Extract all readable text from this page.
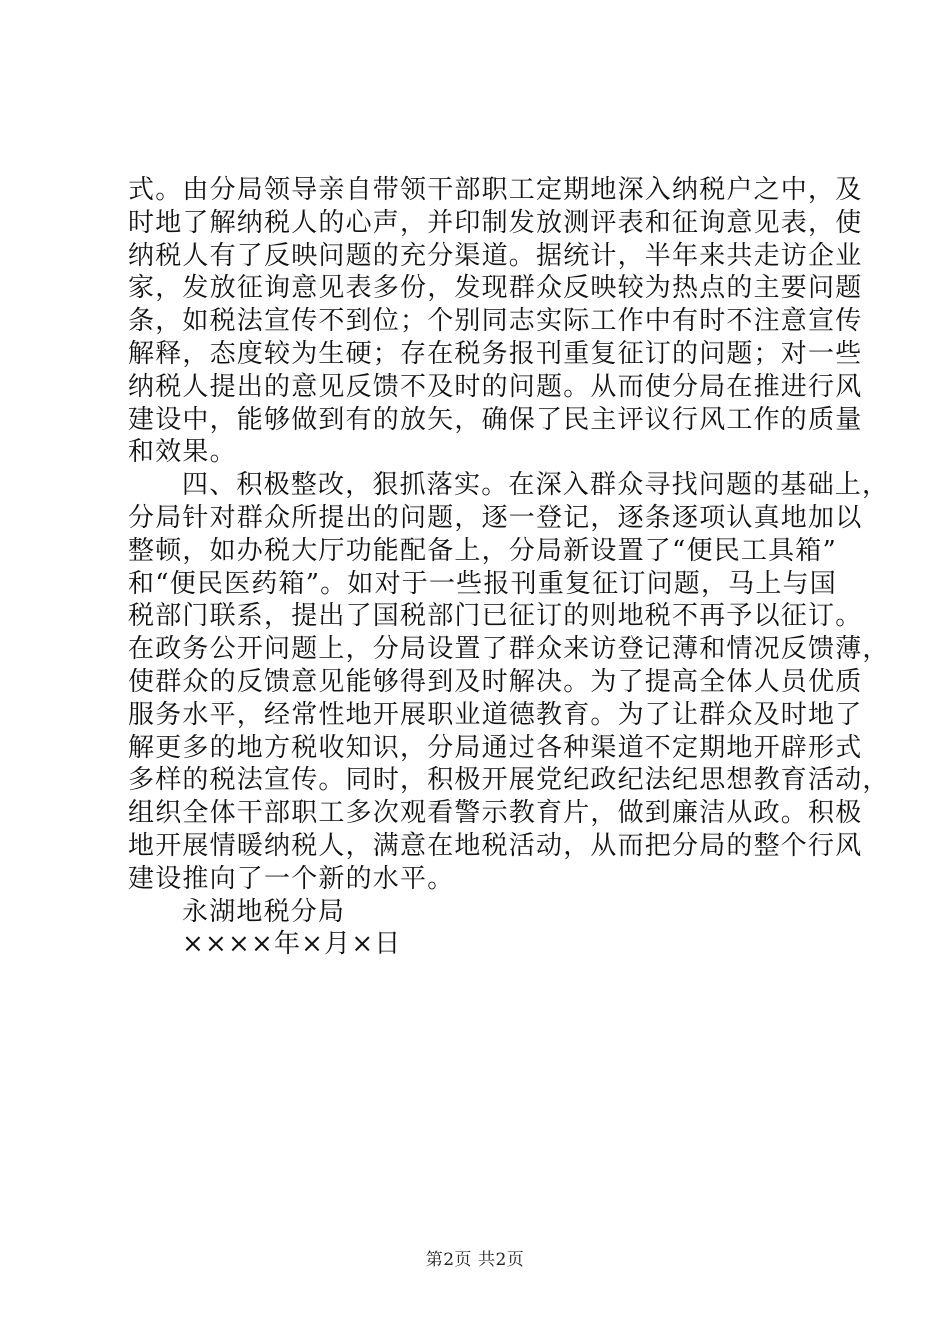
式。由分局领导亲自带领干部职工定期地深入纳税户之中，及
时地了解纳税人的心声，并印制发放测评表和征询意见表，使
纳税人有了反映问题的充分渠道。据统计，半年来共走访企业
家，发放征询意见表多份，发现群众反映较为热点的主要问题
条，如税法宣传不到位；个别同志实际工作中有时不注意宣传
解释，态度较为生硬；存在税务报刊重复征订的问题；对一些
纳税人提出的意见反馈不及时的问题。从而使分局在推进行风
建设中，能够做到有的放矢，确保了民主评议行风工作的质量
和效果。
四、积极整改，狠抓落实。在深入群众寻找问题的基础上，
分局针对群众所提出的问题，逐一登记，逐条逐项认真地加以
整顿，如办税大厅功能配备上，分局新设置了“便民工具箱”
和“便民医药箱”。如对于一些报刊重复征订问题，马上与国
税部门联系，提出了国税部门已征订的则地税不再予以征订。
在政务公开问题上，分局设置了群众来访登记薄和情况反馈薄，
使群众的反馈意见能够得到及时解决。为了提高全体人员优质
服务水平，经常性地开展职业道德教育。为了让群众及时地了
解更多的地方税收知识，分局通过各种渠道不定期地开辟形式
多样的税法宣传。同时，积极开展党纪政纪法纪思想教育活动，
组织全体干部职工多次观看警示教育片，做到廉洁从政。积极
地开展情暖纳税人，满意在地税活动，从而把分局的整个行风
建设推向了一个新的水平。
永湖地税分局
××××年×月×日
第2页 共2页
